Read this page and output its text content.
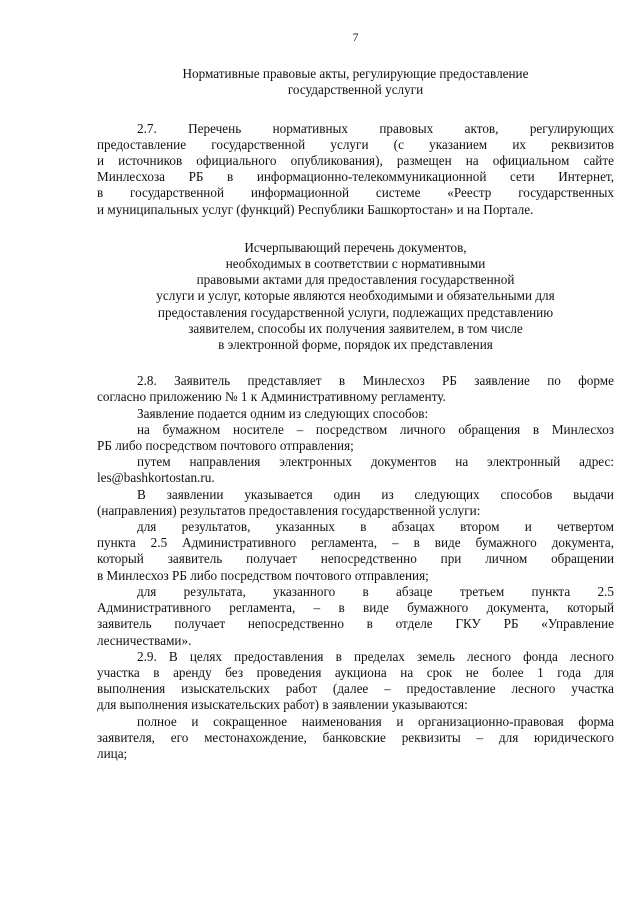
7
Нормативные правовые акты, регулирующие предоставление
государственной услуги
2.7. Перечень нормативных правовых актов, регулирующих
предоставление государственной услуги (с указанием их реквизитов
и источников официального опубликования), размещен на официальном сайте
Минлесхоза РБ в информационно-телекоммуникационной сети Интернет,
в государственной информационной системе «Реестр государственных
и муниципальных услуг (функций) Республики Башкортостан» и на Портале.
Исчерпывающий перечень документов,
необходимых в соответствии с нормативными
правовыми актами для предоставления государственной
услуги и услуг, которые являются необходимыми и обязательными для
предоставления государственной услуги, подлежащих представлению
заявителем, способы их получения заявителем, в том числе
в электронной форме, порядок их представления
2.8. Заявитель представляет в Минлесхоз РБ заявление по форме
согласно приложению № 1 к Административному регламенту.
Заявление подается одним из следующих способов:
на бумажном носителе – посредством личного обращения в Минлесхоз
РБ либо посредством почтового отправления;
путем направления электронных документов на электронный адрес:
les@bashkortostan.ru.
В заявлении указывается один из следующих способов выдачи
(направления) результатов предоставления государственной услуги:
для результатов, указанных в абзацах втором и четвертом
пункта 2.5 Административного регламента, – в виде бумажного документа,
который заявитель получает непосредственно при личном обращении
в Минлесхоз РБ либо посредством почтового отправления;
для результата, указанного в абзаце третьем пункта 2.5
Административного регламента, – в виде бумажного документа, который
заявитель получает непосредственно в отделе ГКУ РБ «Управление
лесничествами».
2.9. В целях предоставления в пределах земель лесного фонда лесного
участка в аренду без проведения аукциона на срок не более 1 года для
выполнения изыскательских работ (далее – предоставление лесного участка
для выполнения изыскательских работ) в заявлении указываются:
полное и сокращенное наименования и организационно-правовая форма
заявителя, его местонахождение, банковские реквизиты – для юридического
лица;
